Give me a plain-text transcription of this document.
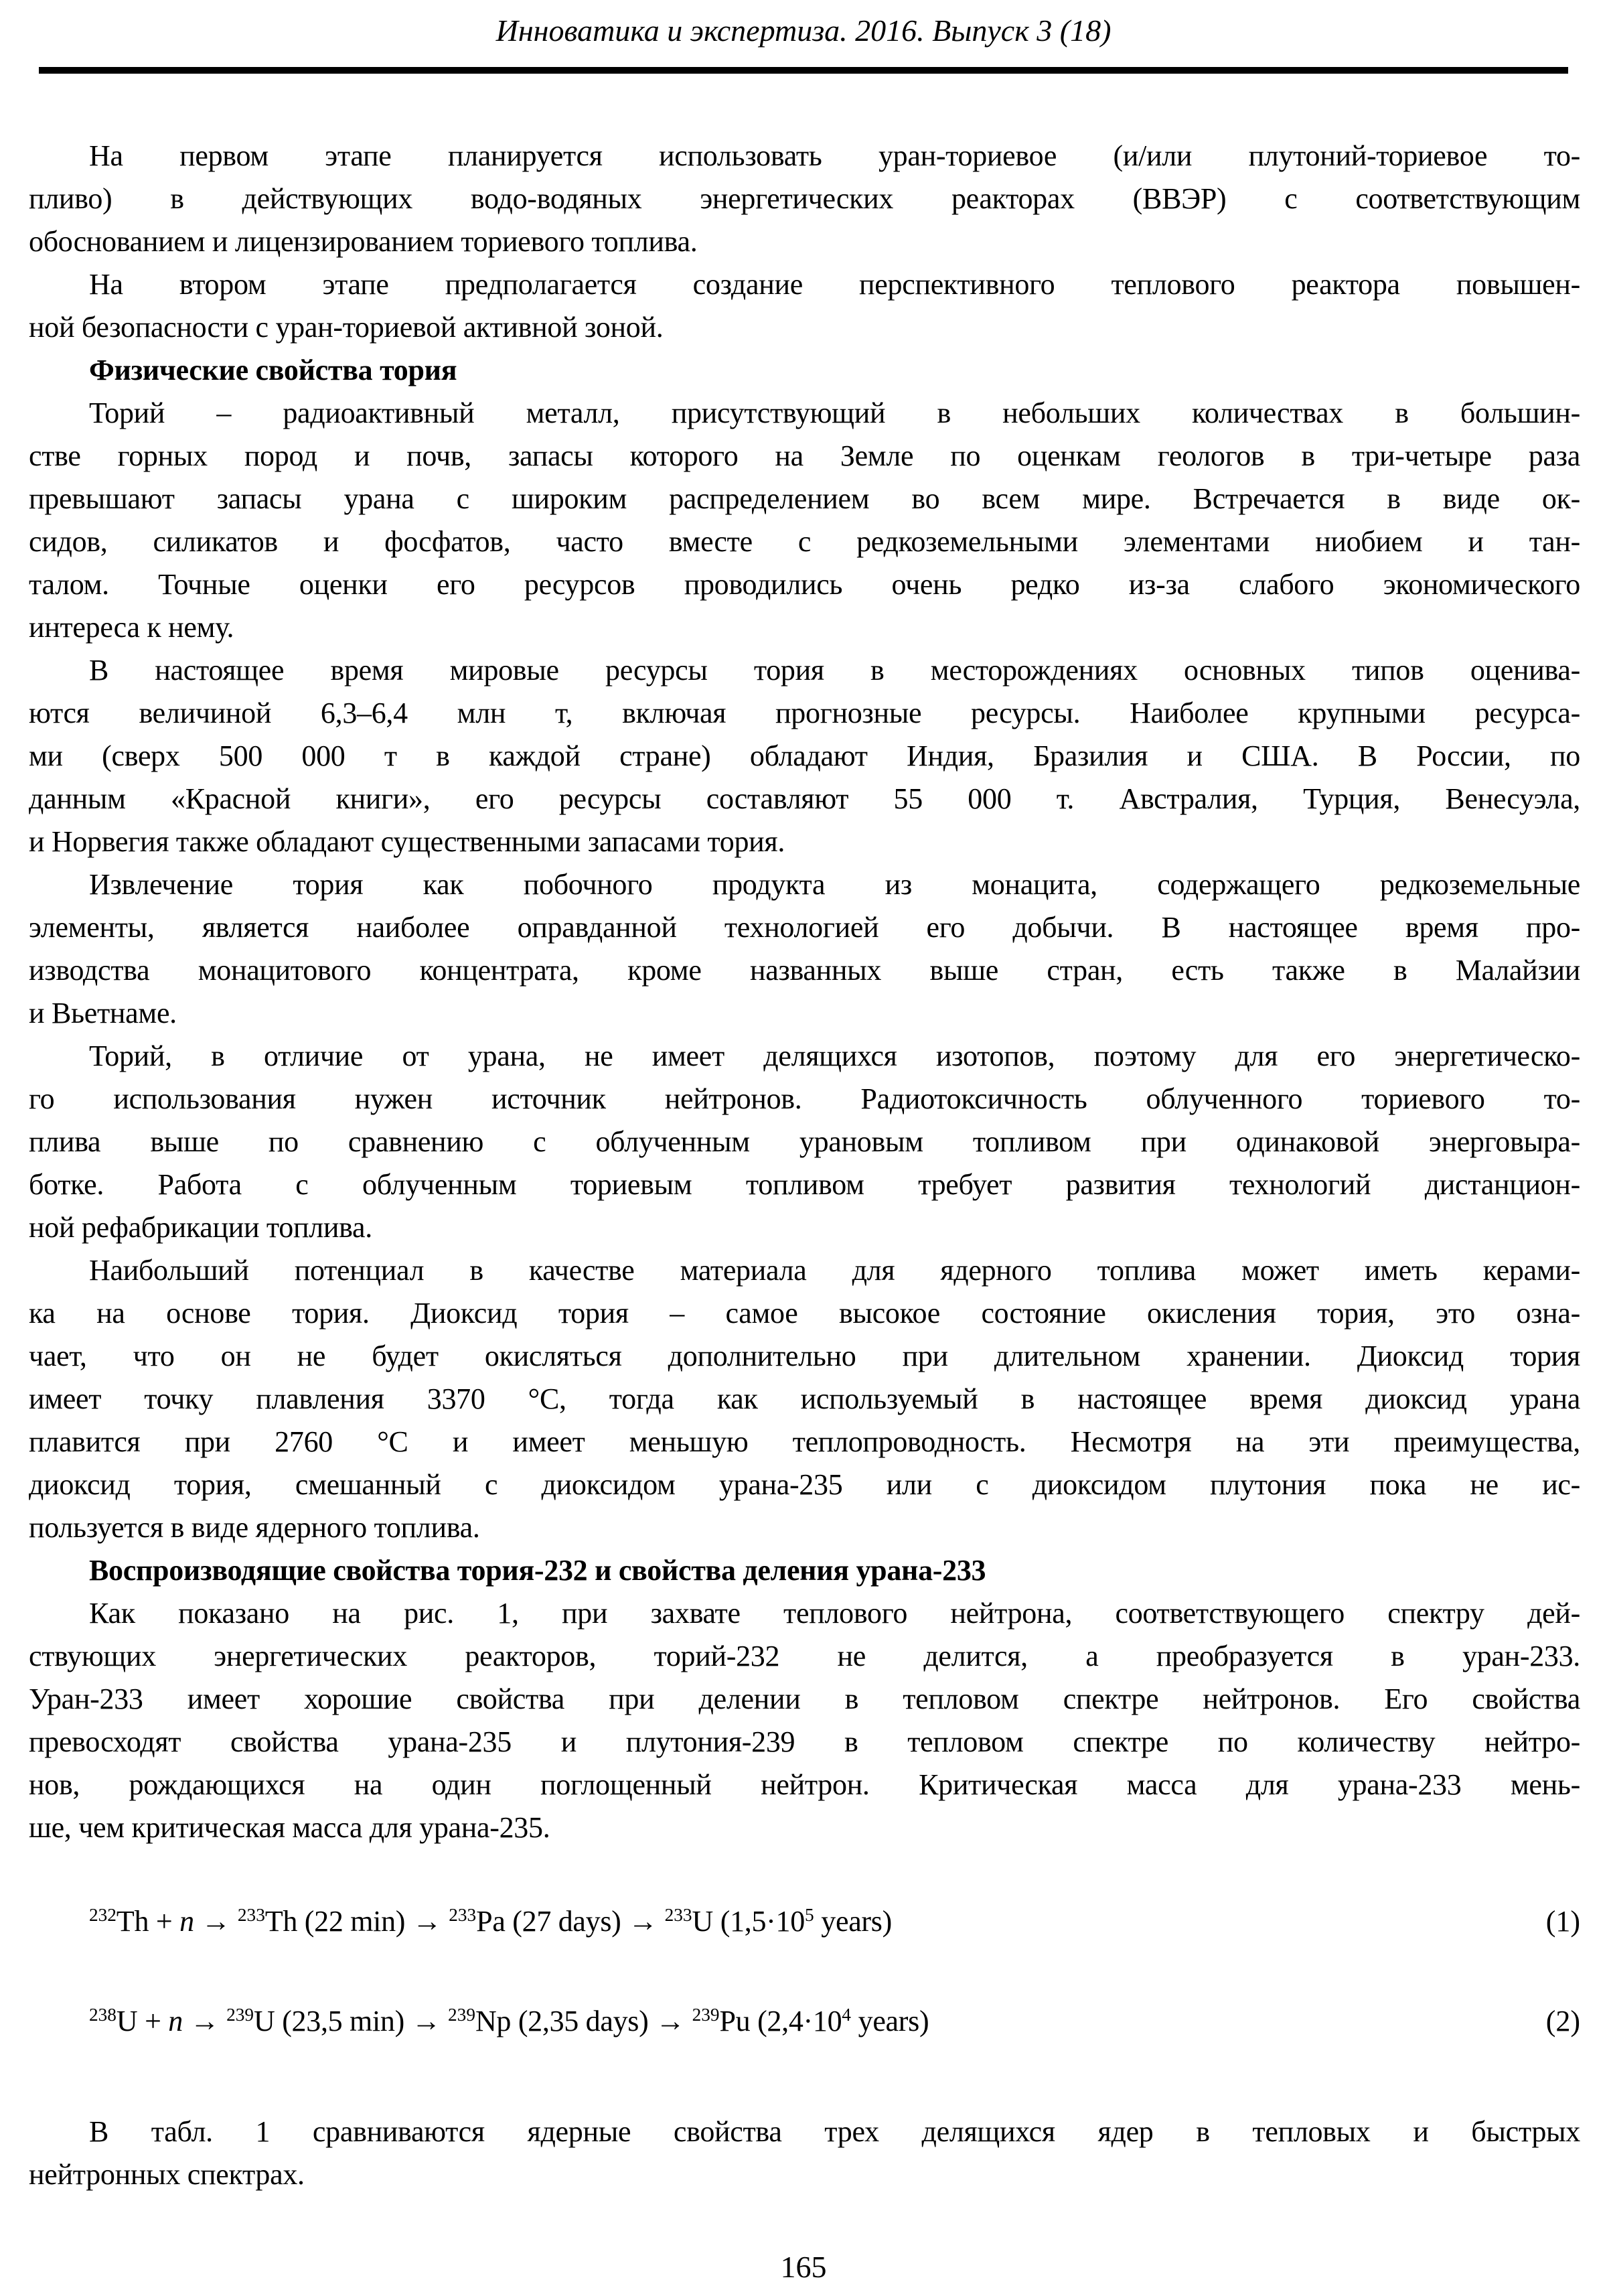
Инноватика и экспертиза. 2016. Выпуск 3 (18)
На первом этапе планируется использовать уран-ториевое (и/или плутоний-ториевое то-
пливо) в действующих водо-водяных энергетических реакторах (ВВЭР) с соответствующим
обоснованием и лицензированием ториевого топлива.
На втором этапе предполагается создание перспективного теплового реактора повышен-
ной безопасности с уран-ториевой активной зоной.
Физические свойства тория
Торий – радиоактивный металл, присутствующий в небольших количествах в большин-
стве горных пород и почв, запасы которого на Земле по оценкам геологов в три-четыре раза
превышают запасы урана с широким распределением во всем мире. Встречается в виде ок-
сидов, силикатов и фосфатов, часто вместе с редкоземельными элементами ниобием и тан-
талом. Точные оценки его ресурсов проводились очень редко из-за слабого экономического
интереса к нему.
В настоящее время мировые ресурсы тория в месторождениях основных типов оценива-
ются величиной 6,3–6,4 млн т, включая прогнозные ресурсы. Наиболее крупными ресурса-
ми (сверх 500 000 т в каждой стране) обладают Индия, Бразилия и США. В России, по
данным «Красной книги», его ресурсы составляют 55 000 т. Австралия, Турция, Венесуэла,
и Норвегия также обладают существенными запасами тория.
Извлечение тория как побочного продукта из монацита, содержащего редкоземельные
элементы, является наиболее оправданной технологией его добычи. В настоящее время про-
изводства монацитового концентрата, кроме названных выше стран, есть также в Малайзии
и Вьетнаме.
Торий, в отличие от урана, не имеет делящихся изотопов, поэтому для его энергетическо-
го использования нужен источник нейтронов. Радиотоксичность облученного ториевого то-
плива выше по сравнению с облученным урановым топливом при одинаковой энерговыра-
ботке. Работа с облученным ториевым топливом требует развития технологий дистанцион-
ной рефабрикации топлива.
Наибольший потенциал в качестве материала для ядерного топлива может иметь керами-
ка на основе тория. Диоксид тория – самое высокое состояние окисления тория, это озна-
чает, что он не будет окисляться дополнительно при длительном хранении. Диоксид тория
имеет точку плавления 3370 °С, тогда как используемый в настоящее время диоксид урана
плавится при 2760 °С и имеет меньшую теплопроводность. Несмотря на эти преимущества,
диоксид тория, смешанный с диоксидом урана-235 или с диоксидом плутония пока не ис-
пользуется в виде ядерного топлива.
Воспроизводящие свойства тория-232 и свойства деления урана-233
Как показано на рис. 1, при захвате теплового нейтрона, соответствующего спектру дей-
ствующих энергетических реакторов, торий-232 не делится, а преобразуется в уран-233.
Уран-233 имеет хорошие свойства при делении в тепловом спектре нейтронов. Его свойства
превосходят свойства урана-235 и плутония-239 в тепловом спектре по количеству нейтро-
нов, рождающихся на один поглощенный нейтрон. Критическая масса для урана-233 мень-
ше, чем критическая масса для урана-235.
$^{232}$Th + n → $^{233}$Th (22 min) → $^{233}$Pa (27 days) → $^{233}$U ($1,5\cdot 10^5$ years)	(1)
$^{238}$U + n → $^{239}$U (23,5 min) → $^{239}$Np (2,35 days) → $^{239}$Pu ($2,4\cdot 10^4$ years)	(2)
В табл. 1 сравниваются ядерные свойства трех делящихся ядер в тепловых и быстрых
нейтронных спектрах.
165
